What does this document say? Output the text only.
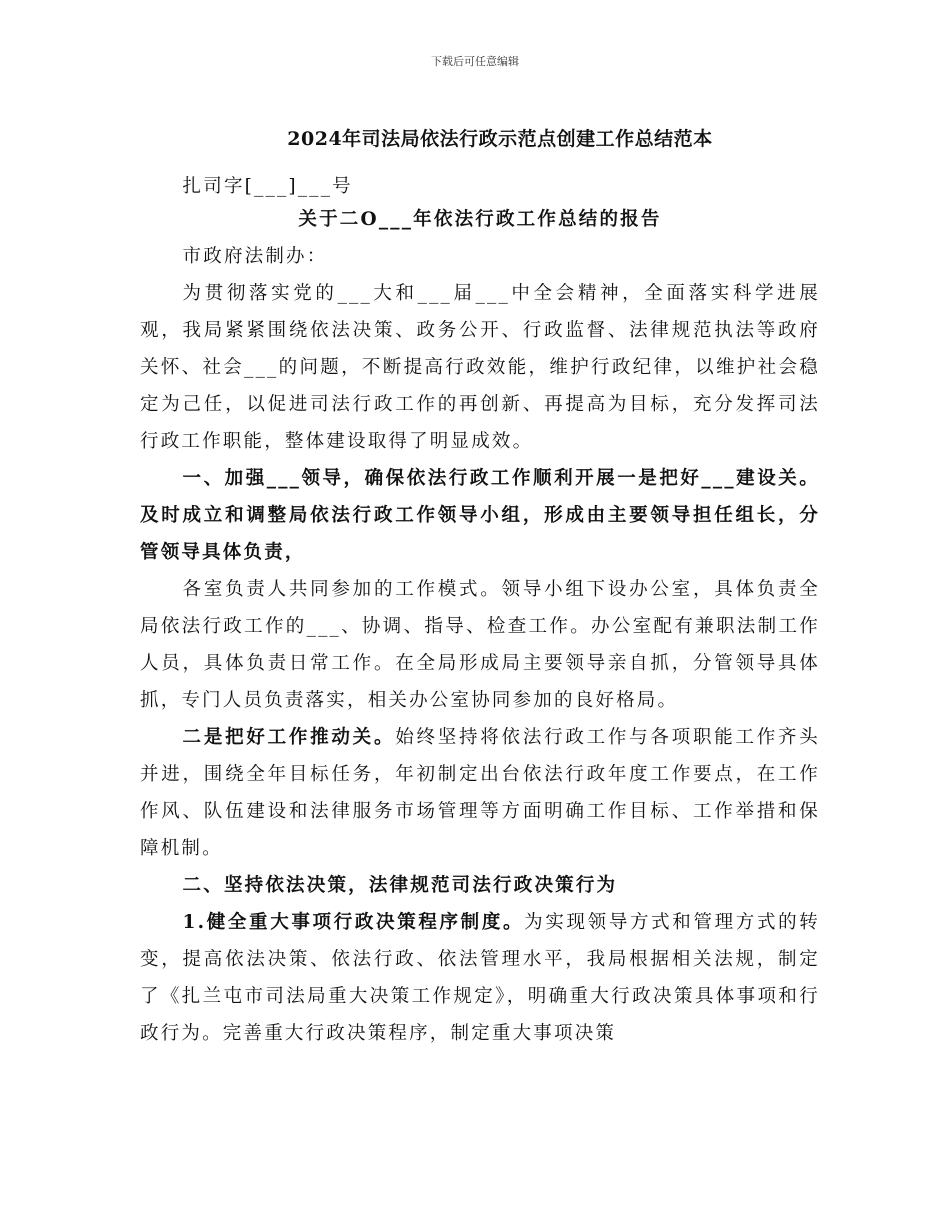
下载后可任意编辑
2024年司法局依法行政示范点创建工作总结范本

扎司字[___]___号

关于二O___年依法行政工作总结的报告

市政府法制办：

为贯彻落实党的___大和___届___中全会精神，全面落实科学进展观，我局紧紧围绕依法决策、政务公开、行政监督、法律规范执法等政府关怀、社会___的问题，不断提高行政效能，维护行政纪律，以维护社会稳定为己任，以促进司法行政工作的再创新、再提高为目标，充分发挥司法行政工作职能，整体建设取得了明显成效。

一、加强___领导，确保依法行政工作顺利开展一是把好___建设关。及时成立和调整局依法行政工作领导小组，形成由主要领导担任组长，分管领导具体负责，

各室负责人共同参加的工作模式。领导小组下设办公室，具体负责全局依法行政工作的___、协调、指导、检查工作。办公室配有兼职法制工作人员，具体负责日常工作。在全局形成局主要领导亲自抓，分管领导具体抓，专门人员负责落实，相关办公室协同参加的良好格局。

二是把好工作推动关。始终坚持将依法行政工作与各项职能工作齐头并进，围绕全年目标任务，年初制定出台依法行政年度工作要点，在工作作风、队伍建设和法律服务市场管理等方面明确工作目标、工作举措和保障机制。

二、坚持依法决策，法律规范司法行政决策行为

1.健全重大事项行政决策程序制度。为实现领导方式和管理方式的转变，提高依法决策、依法行政、依法管理水平，我局根据相关法规，制定了《扎兰屯市司法局重大决策工作规定》，明确重大行政决策具体事项和行政行为。完善重大行政决策程序，制定重大事项决策
